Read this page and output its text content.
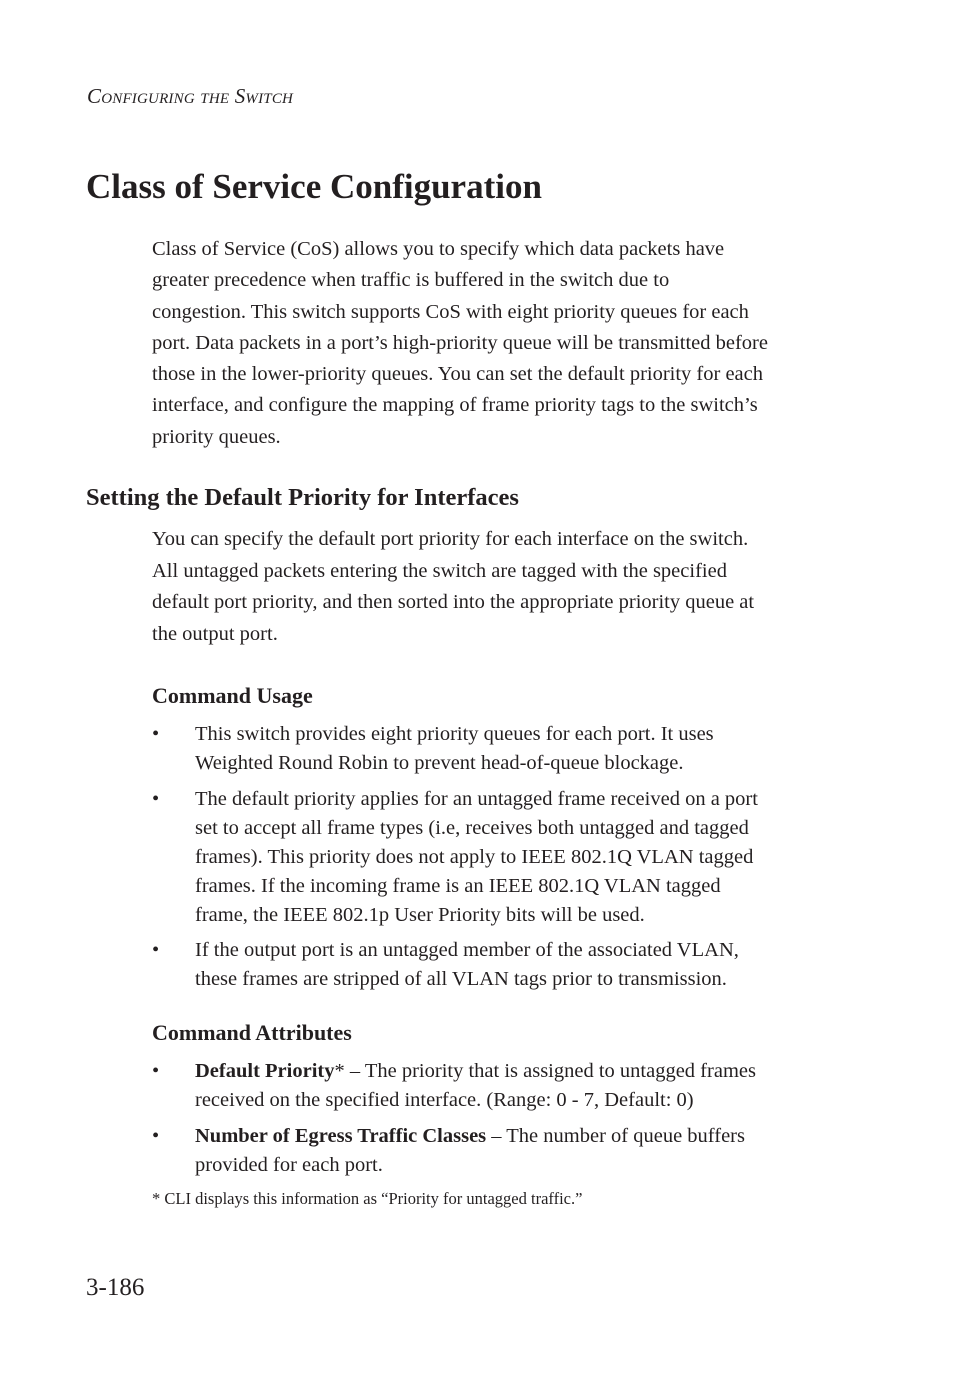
Configuring the Switch
Class of Service Configuration

Class of Service (CoS) allows you to specify which data packets have
greater precedence when traffic is buffered in the switch due to
congestion. This switch supports CoS with eight priority queues for each
port. Data packets in a port’s high-priority queue will be transmitted before
those in the lower-priority queues. You can set the default priority for each
interface, and configure the mapping of frame priority tags to the switch’s
priority queues.

Setting the Default Priority for Interfaces

You can specify the default port priority for each interface on the switch.
All untagged packets entering the switch are tagged with the specified
default port priority, and then sorted into the appropriate priority queue at
the output port.

Command Usage
• This switch provides eight priority queues for each port. It uses
Weighted Round Robin to prevent head-of-queue blockage.
• The default priority applies for an untagged frame received on a port
set to accept all frame types (i.e, receives both untagged and tagged
frames). This priority does not apply to IEEE 802.1Q VLAN tagged
frames. If the incoming frame is an IEEE 802.1Q VLAN tagged
frame, the IEEE 802.1p User Priority bits will be used.
• If the output port is an untagged member of the associated VLAN,
these frames are stripped of all VLAN tags prior to transmission.
Command Attributes
• Default Priority* – The priority that is assigned to untagged frames
received on the specified interface. (Range: 0 - 7, Default: 0)
• Number of Egress Traffic Classes – The number of queue buffers
provided for each port.

* CLI displays this information as “Priority for untagged traffic.”

3-186
